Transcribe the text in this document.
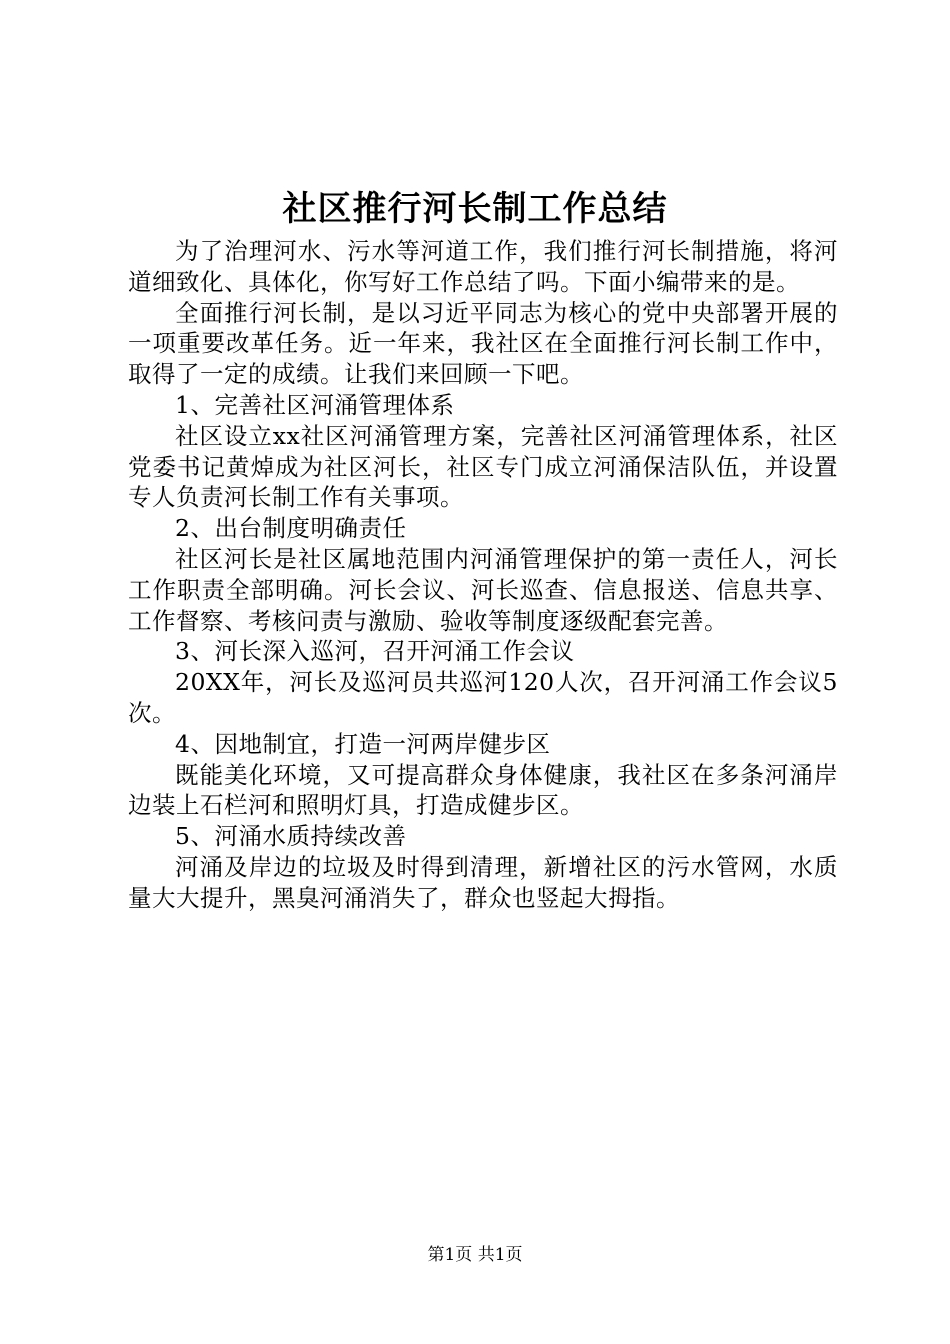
社区推行河长制工作总结

为了治理河水、污水等河道工作，我们推行河长制措施，将河道细致化、具体化，你写好工作总结了吗。下面小编带来的是。

全面推行河长制，是以习近平同志为核心的党中央部署开展的一项重要改革任务。近一年来，我社区在全面推行河长制工作中，取得了一定的成绩。让我们来回顾一下吧。

1、完善社区河涌管理体系

社区设立xx社区河涌管理方案，完善社区河涌管理体系，社区党委书记黄焯成为社区河长，社区专门成立河涌保洁队伍，并设置专人负责河长制工作有关事项。

2、出台制度明确责任

社区河长是社区属地范围内河涌管理保护的第一责任人，河长工作职责全部明确。河长会议、河长巡查、信息报送、信息共享、工作督察、考核问责与激励、验收等制度逐级配套完善。

3、河长深入巡河，召开河涌工作会议

20XX年，河长及巡河员共巡河120人次，召开河涌工作会议5次。

4、因地制宜，打造一河两岸健步区

既能美化环境，又可提高群众身体健康，我社区在多条河涌岸边装上石栏河和照明灯具，打造成健步区。

5、河涌水质持续改善

河涌及岸边的垃圾及时得到清理，新增社区的污水管网，水质量大大提升，黑臭河涌消失了，群众也竖起大拇指。

第1页 共1页
